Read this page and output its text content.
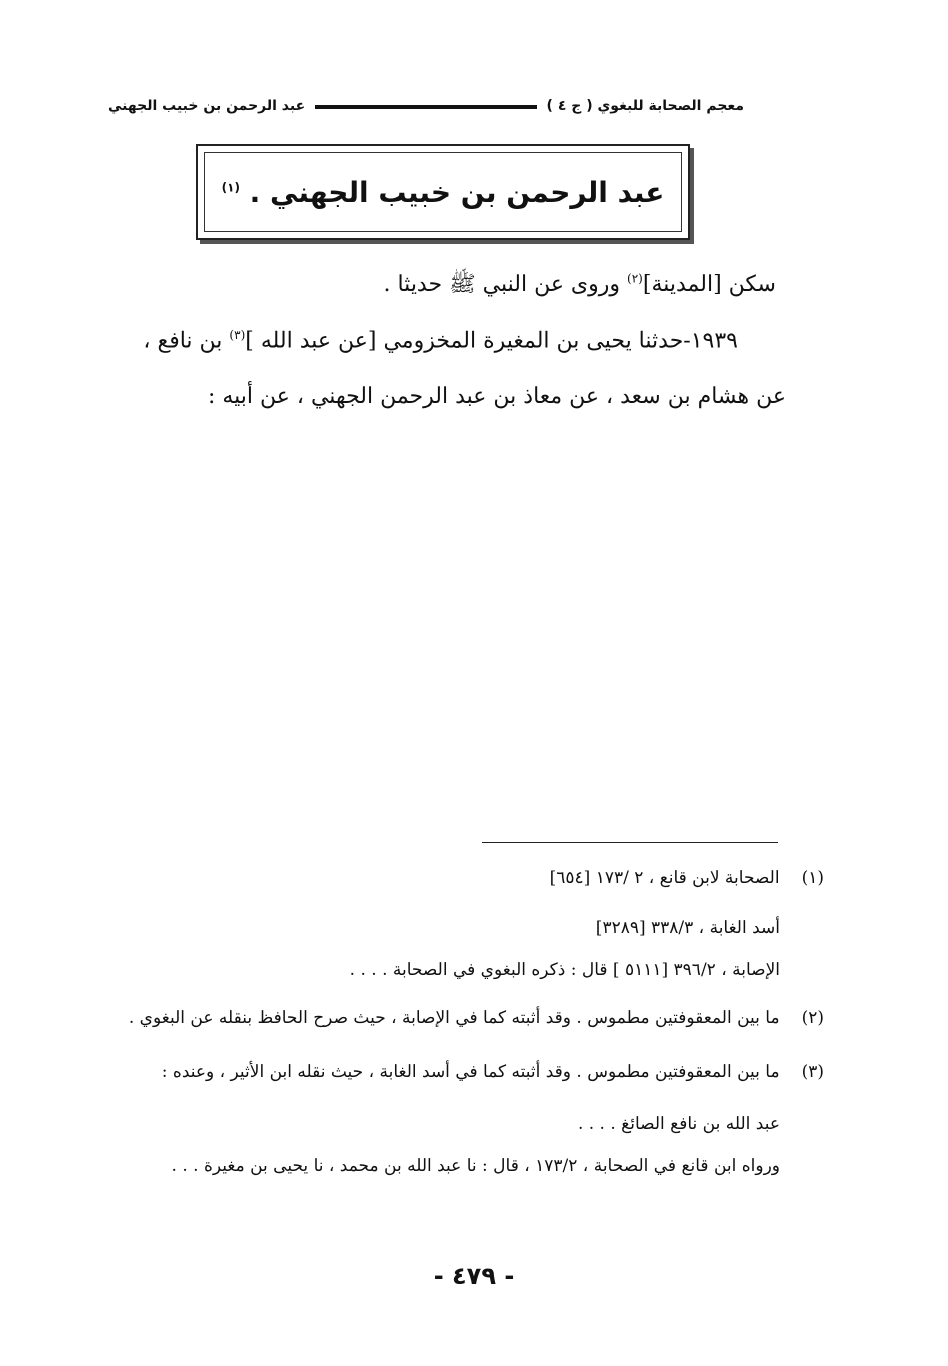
معجم الصحابة للبغوي ( ج ٤ )
عبد الرحمن بن خبيب الجهني
عبد الرحمن بن خبيب الجهني . $^{(١)}$
سكن [المدينة]$^{(٢)}$ وروى عن النبي ﷺ حديثا .
١٩٣٩-حدثنا يحيى بن المغيرة المخزومي [عن عبد الله ]$^{(٣)}$ بن نافع ،
عن هشام بن سعد ، عن معاذ بن عبد الرحمن الجهني ، عن أبيه :
(١)الصحابة لابن قانع ، ٢ /١٧٣ [٦٥٤]
أسد الغابة ، ٣٣٨/٣ [٣٢٨٩]
الإصابة ، ٣٩٦/٢ [٥١١١ ] قال : ذكره البغوي في الصحابة . . . .
(٢)ما بين المعقوفتين مطموس . وقد أثبته كما في الإصابة ، حيث صرح الحافظ بنقله عن البغوي .
(٣)ما بين المعقوفتين مطموس . وقد أثبته كما في أسد الغابة ، حيث نقله ابن الأثير ، وعنده :
عبد الله بن نافع الصائغ . . . .
ورواه ابن قانع في الصحابة ، ١٧٣/٢ ، قال : نا عبد الله بن محمد ، نا يحيى بن مغيرة . . .
- ٤٧٩ -
